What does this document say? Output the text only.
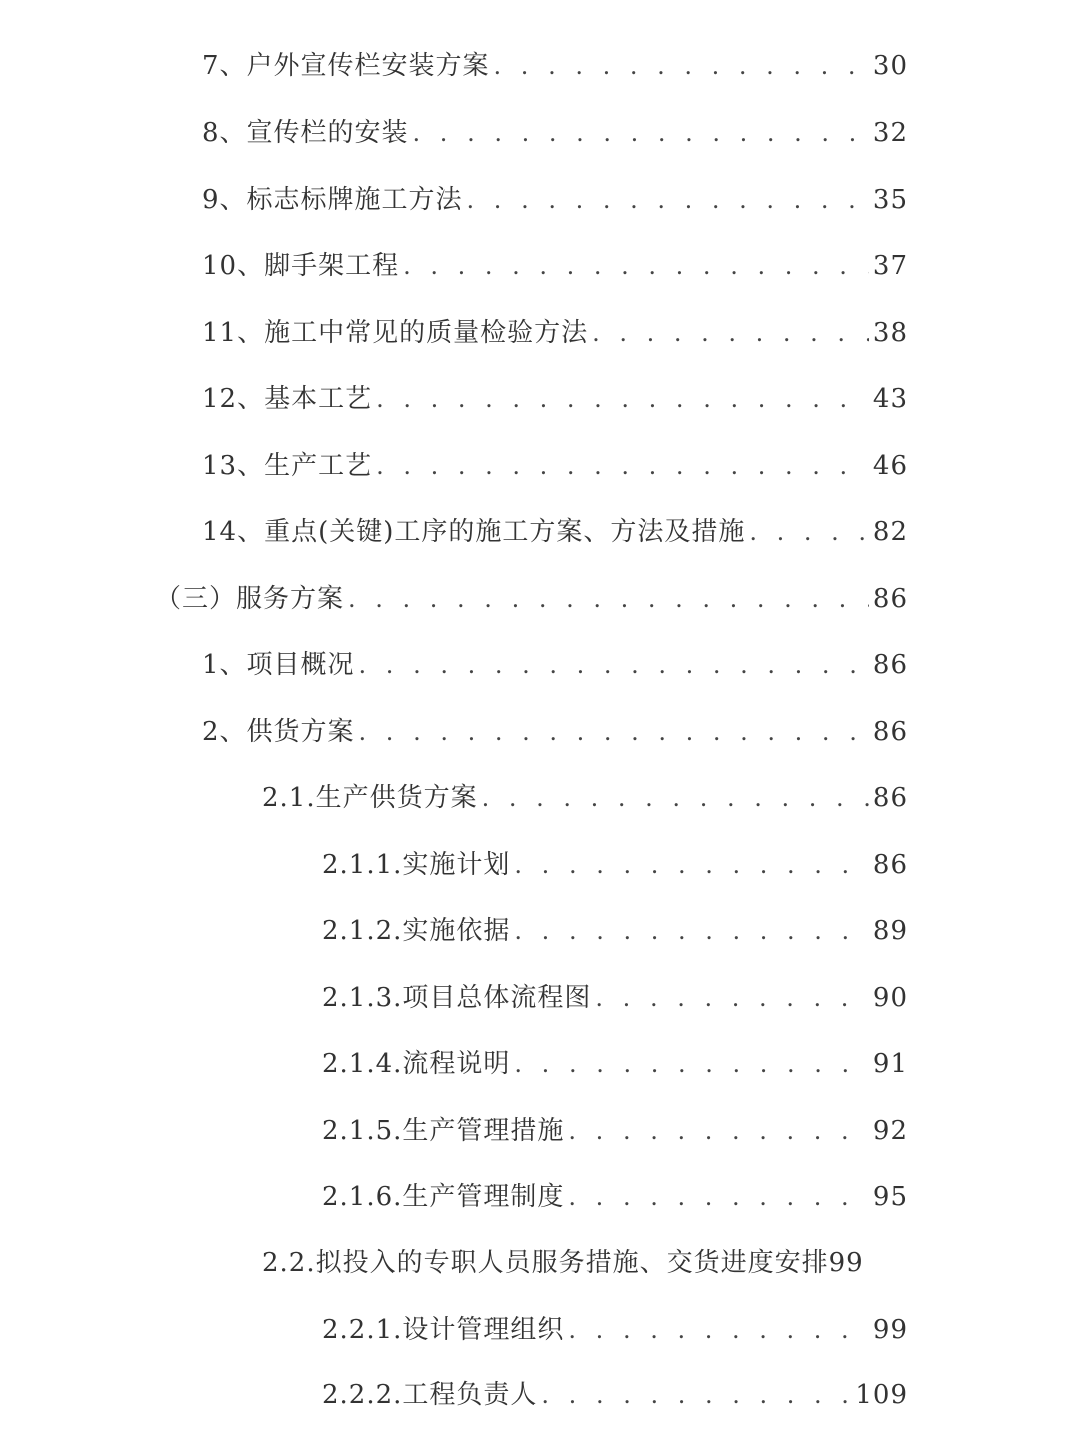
7、户外宣传栏安装方案 . . .	30
8、宣传栏的安装 . . .	32
9、标志标牌施工方法 . . .	35
10、脚手架工程 . . .	37
11、施工中常见的质量检验方法 . . .	38
12、基本工艺 . . .	43
13、生产工艺 . . .	46
14、重点(关键)工序的施工方案、方法及措施 . . .	82
（三）服务方案 . . .	86
1、项目概况 . . .	86
2、供货方案 . . .	86
2.1.生产供货方案 . . .	86
2.1.1.实施计划 . . .	86
2.1.2.实施依据 . . .	89
2.1.3.项目总体流程图 . . .	90
2.1.4.流程说明 . . .	91
2.1.5.生产管理措施 . . .	92
2.1.6.生产管理制度 . . .	95
2.2.拟投入的专职人员服务措施、交货进度安排 99
2.2.1.设计管理组织 . . .	99
2.2.2.工程负责人 . . .	109
